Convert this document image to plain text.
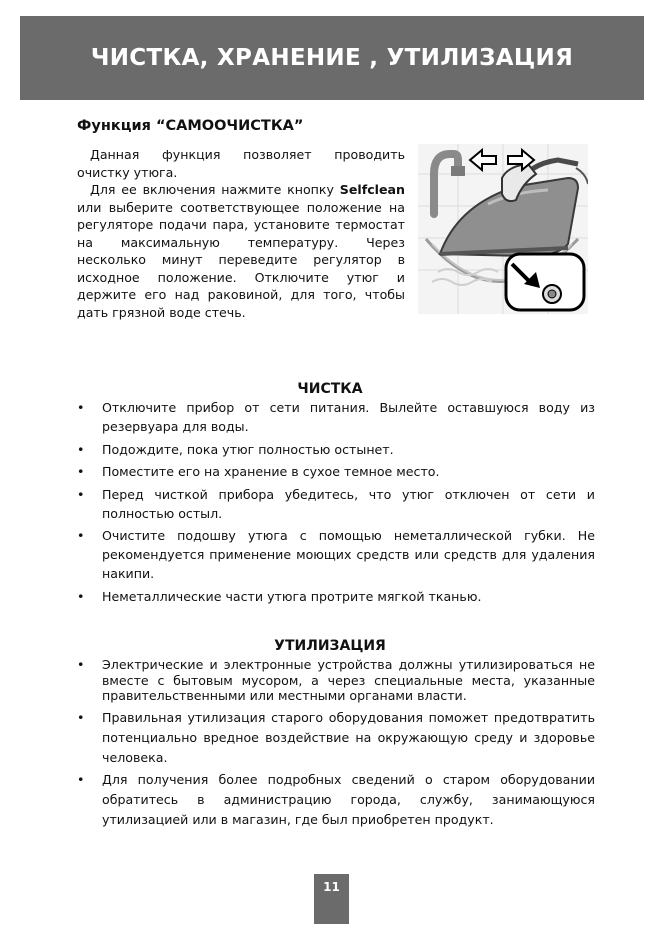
ЧИСТКА, ХРАНЕНИЕ , УТИЛИЗАЦИЯ
Функция “САМООЧИСТКА”

Данная функция позволяет проводить очистку утюга.

Для ее включения нажмите кнопку Selfclean или выберите соответствующее положение на регуляторе подачи пара, установите термостат на максимальную температуру. Через несколько минут переведите регулятор в исходное положение. Отключите утюг и держите его над раковиной, для того, чтобы дать грязной воде стечь.

ЧИСТКА
•	Отключите прибор от сети питания. Вылейте оставшуюся воду из резервуара для воды.
•	Подождите, пока утюг полностью остынет.
•	Поместите его на хранение в сухое темное место.
•	Перед чисткой прибора убедитесь, что утюг отключен от сети и полностью остыл.
•	Очистите подошву утюга с помощью неметаллической губки. Не рекомендуется применение моющих средств или средств для удаления накипи.
•	Неметаллические части утюга протрите мягкой тканью.
УТИЛИЗАЦИЯ
•	Электрические и электронные устройства должны утилизироваться не вместе с бытовым мусором, а через специальные места, указанные правительственными или местными органами власти.
•	Правильная утилизация старого оборудования поможет предотвратить потенциально вредное воздействие на окружающую среду и здоровье человека.
•	Для получения более подробных сведений о старом оборудовании обратитесь в администрацию города, службу, занимающуюся утилизацией или в магазин, где был приобретен продукт.
11
